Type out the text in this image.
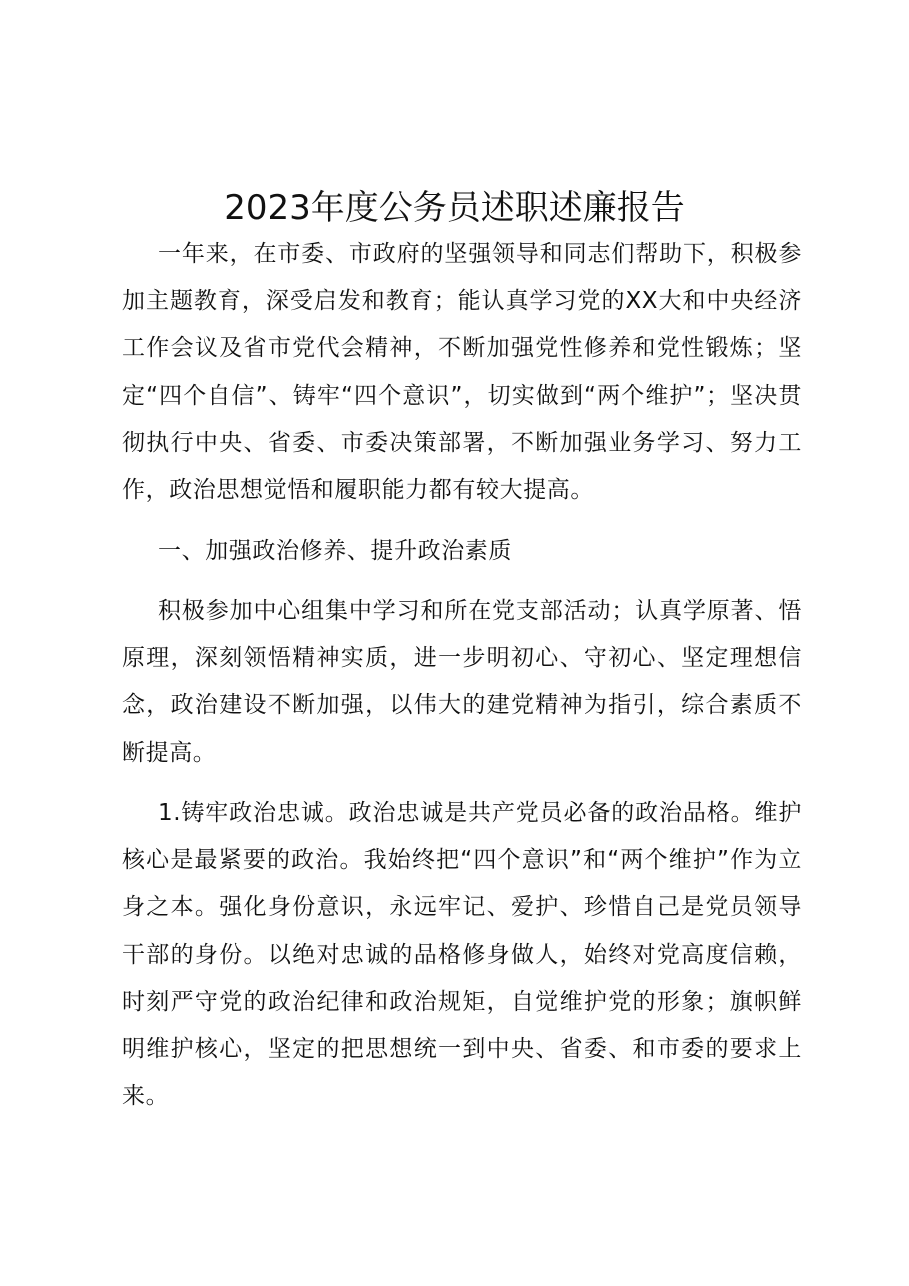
2023年度公务员述职述廉报告

一年来，在市委、市政府的坚强领导和同志们帮助下，积极参加主题教育，深受启发和教育；能认真学习党的XX大和中央经济工作会议及省市党代会精神，不断加强党性修养和党性锻炼；坚定“四个自信”、铸牢“四个意识”，切实做到“两个维护”；坚决贯彻执行中央、省委、市委决策部署，不断加强业务学习、努力工作，政治思想觉悟和履职能力都有较大提高。

一、加强政治修养、提升政治素质

积极参加中心组集中学习和所在党支部活动；认真学原著、悟原理，深刻领悟精神实质，进一步明初心、守初心、坚定理想信念，政治建设不断加强，以伟大的建党精神为指引，综合素质不断提高。

1.铸牢政治忠诚。政治忠诚是共产党员必备的政治品格。维护核心是最紧要的政治。我始终把“四个意识”和“两个维护”作为立身之本。强化身份意识，永远牢记、爱护、珍惜自己是党员领导干部的身份。以绝对忠诚的品格修身做人，始终对党高度信赖，时刻严守党的政治纪律和政治规矩，自觉维护党的形象；旗帜鲜明维护核心，坚定的把思想统一到中央、省委、和市委的要求上来。
